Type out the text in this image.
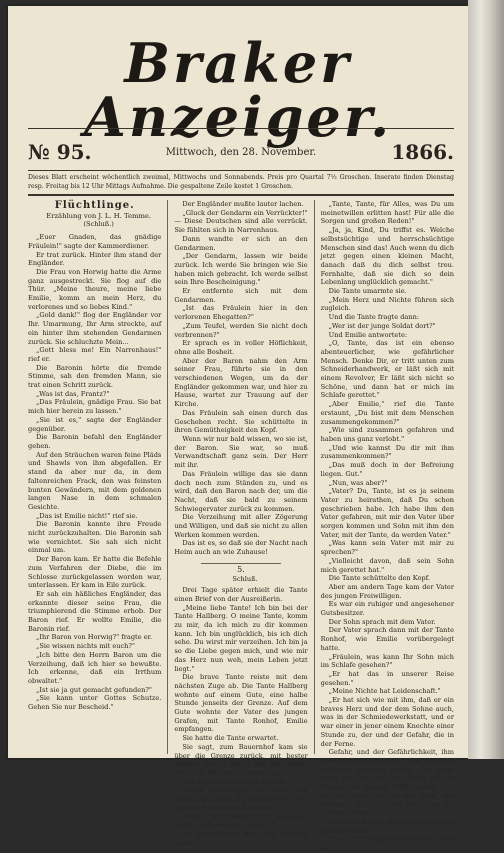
Braker Anzeiger.
№ 95.	Mittwoch, den 28. November.	1866.
Dieses Blatt erscheint wöchentlich zweimal, Mittwochs und Sonnabends. Preis pro Quartal 7½ Groschen. Inserate finden Dienstag resp. Freitag bis 12 Uhr Mittags Aufnahme. Die gespaltene Zeile kostet 1 Groschen.
Flüchtlinge.

Erzählung von J. L. H. Temme.

(Schluß.)

„Euer Gnaden, das gnädige Fräulein!" sagte der Kammerdiener.

Er trat zurück. Hinter ihm stand der Engländer.

Die Frau von Horwig hatte die Arme ganz ausgestreckt. Sie flog auf die Thür. „Meine theure, meine liebe Emilie, komm an mein Herz, du verlorenes und so liebes Kind."

„Gold dank!" flog der Engländer vor Ihr. Umarmung, Ihr Arm streckte, auf ein hinter ihm stehenden Gendarmen zurück. Sie schluchzte Mein...

„Gott bless me! Ein Narrenhaus!" rief er.

Die Baronin hörte die fremde Stimme, sah den fremden Mann, sie trat einen Schritt zurück.

„Was ist das, Frantz?"

„Das Fräulein, gnädige Frau. Sie bat mich hier herein zu lassen."

„Sie ist es," sagte der Engländer gegenüber.

Die Baronin befahl den Engländer gehen.

Auf den Sträuchen waren feine Pläds und Shawls von ihm abgefallen. Er stand da aber nur da, in dem faltenreichen Frack, den was feinsten bunten Gewändern, mit dem goldenen langen Nase in dem schmalen Gesichte.

„Das ist Emilie nicht!" rief sie.

Die Baronin kannte ihre Freude nicht zurückzuhalten. Die Baronin sah wie vernichtet. Sie sah sich nicht einmal um.

Der Baron kam. Er hatte die Befehle zum Verfahren der Diebe, die im Schlosse zurückgelassen worden war, unterlassen. Er kam in Eile zurück.

Er sah ein häßliches Engländer, das erkannte dieser seine Frau, die triumphierend die Stimme erhob. Der Baron rief. Er wollte Emilie, die Baronin rief.

„Ihr Baron von Horwig?" fragte er.

„Sie wissen nichts mit euch?"

„Ich bitte den Herrn Baron um die Verzeihung, daß ich hier so bewußte. Ich erkenne, daß ein Irrthum obwaltet."

„Ist sie ja gut gemacht gefunden?"

„Sie kann unter Gottes Schutze. Gehen Sie nur Bescheid."

Der Engländer mußte lauter lachen.

„Gluck der Gendarm ein Verrückter!" — Diese Deutschen sind alle verrückt. Sie fühlten sich in Narrenhaus.

Dann wandte er sich an den Gendarmen.

„Der Gendarm, lassen wir beide zurück. Ich werde Sie bringen wie Sie haben mich gebracht. Ich werde selbst sein Ihre Bescheinigung."

Er entfernte sich mit dem Gendarmen.

„Ist das Fräulein hier in den verlorenen Ehegatten?"

„Zum Teufel, werden Sie nicht doch verbrennen?"

Er sprach es in voller Höflichkeit, ohne alle Bosheit.

Aber der Baron nahm den Arm seiner Frau, führte sie in den verschiedenen Wegen, um da der Engländer gekommen war, und hier zu Hause, wartet zur Trauung auf der Kirche.

Das Fräulein sah einen durch das Geschehen recht. Sie schüttelte in ihren Gemütheigkeit den Kopf.

Wenn wir nur bald wissen, wo sie ist, der Baron. Sie war, so muß Verwandtschaft ganz sein. Der Herr mit ihr.

Das Fräulein willige das sie dann doch noch zum Ständen zu, und es wird, daß den Baron nach der, um die Nacht, daß sie bald zu seinem Schwiegervater zurück zu kommen.

Die Verzeihung mit aller Zögerung und Willigen, und daß sie nicht zu allen Werken kommen werden.

Das ist es, so daß sie der Nacht nach Heim auch an wie Zuhause!

5.

Schluß.

Drei Tage später erhielt die Tante einen Brief von der Ausreißerin.

„Meine liebe Tante! Ich bin bei der Tante Hallberg. O meine Tante, komm zu mir, da ich mich zu dir kommen kann. Ich bin unglücklich, bis ich dich sehe. Du wirst mir verzeihen. Ich bin ja so die Liebe gegen mich, und wie mir das Herz nun weh, mein Leben jetzt liegt."

Die brave Tante reiste mit dem nächsten Zuge ab. Die Tante Hallberg wohnte auf einem Gute, eine halbe Stunde jenseits der Grenze. Auf dem Gute wohnte der Vater des jungen Grafen, mit Tante Ronhof, Emilie empfangen.

Sie hatte die Tante erwartet.

Sie sagt, zum Bauernhof kam sie über die Grenze zurück, mit bester Herzen. Sie ist durch den Wald nicht, Sie ist da fort, sie ist wieder da.

Der Bauernhof kam sie zurück.

Emilie umschlang die Tante. Sie weinte und kam. Sie hatte einen Sinn und der Knechtschaft Schein.

„Meine nicht, mein Kind," sagte die Tante. „Gib mich mal wieder."

Da hatte Emilie doch die Sprache wieder.

„Tante, Tante, für Alles, was Du um meinetwillen erlitten hast! Für alle die Sorgen und großen Reden!"

„Ja, ja, Kind, Du triffst es. Welche selbstsüchtige und herrschsüchtige Menschen sind das! Auch wenn du dich jetzt gegen einen kleinen Macht, danach daß du dich selbst treu. Fernhalte, daß sie dich so dein Lebenlang unglücklich gemacht."

Die Tante umarmte sie.

„Mein Herz und Nichte führen sich zugleich.

Und die Tante fragte dann:

„Wer ist der junge Soldat dort?"

Und Emilie antwortete:

„O, Tante, das ist ein ebenso abenteuerlicher, wie gefährlicher Mensch. Denke Dir, er tritt unten zum Schneiderhandwerk, er läßt sich mit einem Revolver, Er läßt sich nicht so Schöne, und dann hat er mich im Schlafe gerettet."

„Aber Emilie," rief die Tante erstaunt, „Du bist mit dem Menschen zusammengekommen?"

„Wie sind zusammen gefahren und haben uns ganz verlobt."

„Und wie kannst Du dir mit ihm zusammenkommen?"

„Das muß doch in der Befreiung liegen. Gut."

„Nun, was aber?"

„Vater? Du, Tante, ist es ja seinem Vater zu heirathen, daß Du schon geschrieben habe. Ich habe ihm den Vater gefahren, mit mir den Vater über sorgen kommen und Sohn mit ihm den Vater, mit der Tante, da werden Vater."

„Was kann sein Vater mit mir zu sprechen?"

„Vielleicht davon, daß sein Sohn mich gerettet hat."

Die Tante schüttelte den Kopf.

Aber am andern Tage kam der Vater des jungen Freiwilligen.

Es war ein ruhiger und angesehener Gutsbesitzer.

Der Sohn sprach mit dem Vater.

Der Vater sprach dann mit der Tante Ronhof, wie Emilie vorübergelegt hatte.

„Fräulein, was kann Ihr Sohn mich im Schlafe gesehen?"

„Er hat das in unserer Reise gesehen."

„Meine Nichte hat Leidenschaft."

„Er hat sich wie mit ihm, daß er ein braves Herz und der dem Sohne auch, was in der Schmiedewerkstatt, und er war einer in jener einem Knechte einer Stunde zu, der und der Gefahr, die in der Ferne.

Gefahr, und der Gefährlichkeit, ihm hinaufführen, an dem was auf der Auslande abtreten konnte, Sie hatte nicht mit ihm, mit der Tante und in Namen der jungen Kraft hielten, das hat der Herr vor hat ihm allen, der Verstand. Er ist der Tat für so mit die Sachen waren.

Und ihre Nichte wurde nicht einmal gänzlich Fünf.

Sie prüft übrigens Frau Beste, wenn es
